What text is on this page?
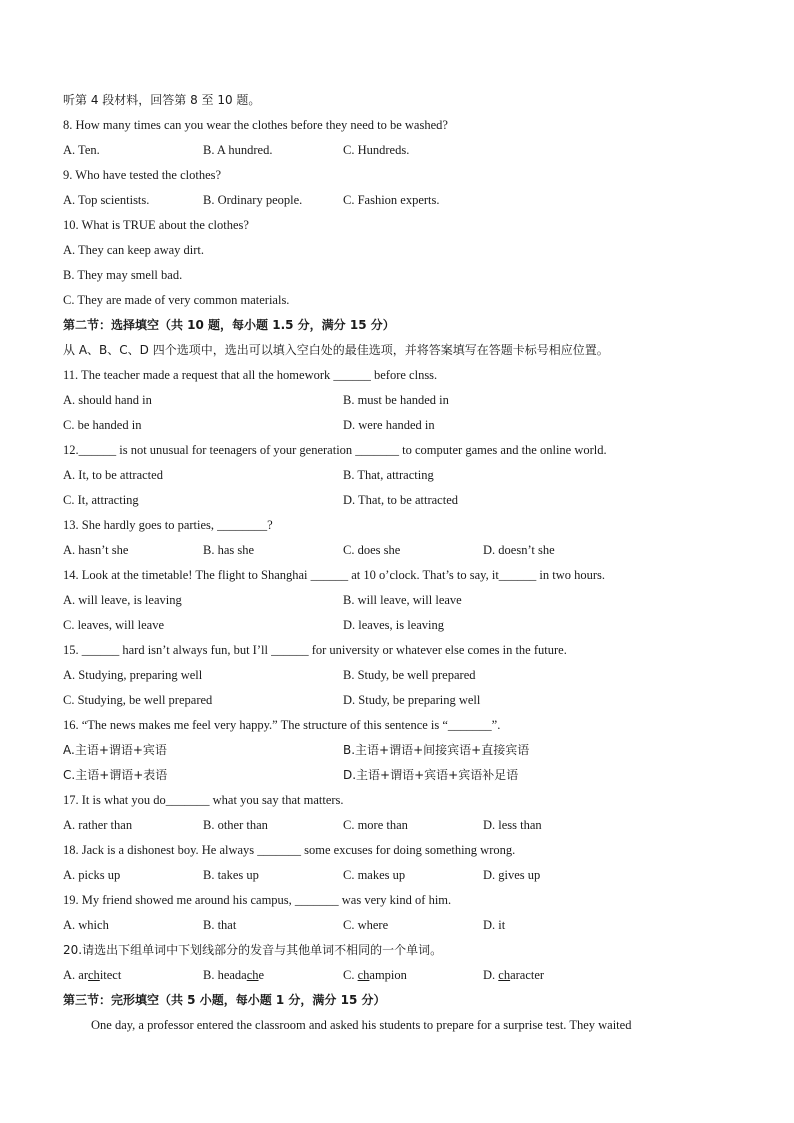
听第 4 段材料，回答第 8 至 10 题。
8. How many times can you wear the clothes before they need to be washed?
A. Ten.	B. A hundred.	C. Hundreds.
9. Who have tested the clothes?
A. Top scientists.	B. Ordinary people.	C. Fashion experts.
10. What is TRUE about the clothes?
A. They can keep away dirt.
B. They may smell bad.
C. They are made of very common materials.
第二节：选择填空（共 10 题，每小题 1.5 分，满分 15 分）
从 A、B、C、D 四个选项中，选出可以填入空白处的最佳选项，并将答案填写在答题卡标号相应位置。
11. The teacher made a request that all the homework ______ before clnss.
A. should hand in	B. must be handed in
C. be handed in	D. were handed in
12.______ is not unusual for teenagers of your generation _______ to computer games and the online world.
A. It, to be attracted	B. That, attracting
C. It, attracting	D. That, to be attracted
13. She hardly goes to parties, ________?
A. hasn’t she	B. has she	C. does she	D. doesn’t she
14. Look at the timetable! The flight to Shanghai ______ at 10 o’clock. That’s to say, it______ in two hours.
A. will leave, is leaving	B. will leave, will leave
C. leaves, will leave	D. leaves, is leaving
15. ______ hard isn’t always fun, but I’ll ______ for university or whatever else comes in the future.
A. Studying, preparing well	B. Study, be well prepared
C. Studying, be well prepared	D. Study, be preparing well
16. “The news makes me feel very happy.” The structure of this sentence is “_______”.
A.主语+谓语+宾语	B.主语+谓语+间接宾语+直接宾语
C.主语+谓语+表语	D.主语+谓语+宾语+宾语补足语
17. It is what you do_______ what you say that matters.
A. rather than	B. other than	C. more than	D. less than
18. Jack is a dishonest boy. He always _______ some excuses for doing something wrong.
A. picks up	B. takes up	C. makes up	D. gives up
19. My friend showed me around his campus, _______ was very kind of him.
A. which	B. that	C. where	D. it
20.请选出下组单词中下划线部分的发音与其他单词不相同的一个单词。
A. architect	B. headache	C. champion	D. character
第三节：完形填空（共 5 小题，每小题 1 分，满分 15 分）
One day, a professor entered the classroom and asked his students to prepare for a surprise test. They waited
